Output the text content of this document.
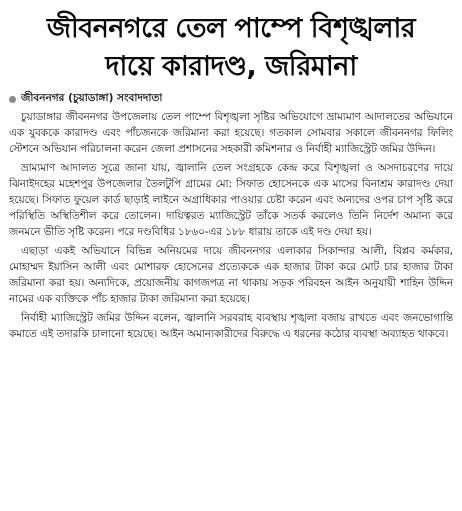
জীবননগরে তেল পাম্পে বিশৃঙ্খলার
দায়ে কারাদণ্ড, জরিমানা
জীবননগর (চুয়াডাঙ্গা) সংবাদদাতা

চুয়াডাঙ্গার জীবননগর উপজেলায় তেল পাম্পে বিশৃঙ্খলা সৃষ্টির অভিযোগে ভ্রাম্যমাণ আদালতের অভিযানে এক যুবককে কারাদণ্ড এবং পাঁচজনকে জরিমানা করা হয়েছে। গতকাল সোমবার সকালে জীবননগর ফিলিং স্টেশনে অভিযান পরিচালনা করেন জেলা প্রশাসনের সহকারী কমিশনার ও নির্বাহী ম্যাজিস্ট্রেট জমির উদ্দিন।

ভ্রাম্যমাণ আদালত সূত্রে জানা যায়, জ্বালানি তেল সংগ্রহকে কেন্দ্র করে বিশৃঙ্খলা ও অসদাচরণের দায়ে ঝিনাইদহের মহেশপুর উপজেলার তৈলটুপি গ্রামের মো: সিফাত হোসেনকে এক মাসের বিনাশ্রম কারাদণ্ড দেয়া হয়েছে। সিফাত ফুয়েল কার্ড ছাড়াই লাইনে অগ্রাধিকার পাওয়ার চেষ্টা করেন এবং অন্যদের ওপর চাপ সৃষ্টি করে পরিস্থিতি অস্থিতিশীল করে তোলেন। দায়িত্বরত ম্যাজিস্ট্রেট তাঁকে সতর্ক করলেও তিনি নির্দেশ অমান্য করে জনমনে ভীতি সৃষ্টি করেন। পরে দণ্ডবিধির ১৮৬০-এর ১৮৮ ধারায় তাকে এই দণ্ড দেয়া হয়।

এছাড়া একই অভিযানে বিভিন্ন অনিয়মের দায়ে জীবননগর এলাকার সিকান্দার আলী, বিপ্লব কর্মকার, মোহাম্মদ ইয়াসিন আলী এবং মোশারফ হোসেনের প্রত্যেককে এক হাজার টাকা করে মোট চার হাজার টাকা জরিমানা করা হয়। অন্যদিকে, প্রয়োজনীয় কাগজপত্র না থাকায় সড়ক পরিবহন আইন অনুযায়ী শাহিন উদ্দিন নামের এক ব্যক্তিকে পাঁচ হাজার টাকা জরিমানা করা হয়েছে।

নির্বাহী ম্যাজিস্ট্রেট জমির উদ্দিন বলেন, জ্বালানি সরবরাহ ব্যবস্থায় শৃঙ্খলা বজায় রাখতে এবং জনভোগান্তি কমাতে এই তদারকি চালানো হয়েছে। আইন অমান্যকারীদের বিরুদ্ধে এ ধরনের কঠোর ব্যবস্থা অব্যাহত থাকবে।
